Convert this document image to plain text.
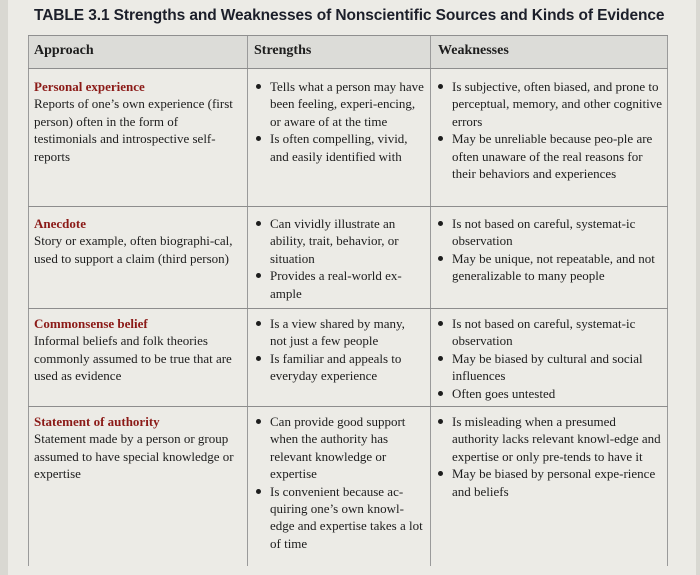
TABLE 3.1 Strengths and Weaknesses of Nonscientific Sources and Kinds of Evidence
Approach	Strengths	Weaknesses
Personal experience
Reports of one’s own experience (first person) often in the form of testimonials and introspective self-reports
Tells what a person may have been feeling, experi-encing, or aware of at the time
Is often compelling, vivid, and easily identified with
Is subjective, often biased, and prone to perceptual, memory, and other cognitive errors
May be unreliable because peo-ple are often unaware of the real reasons for their behaviors and experiences
Anecdote
Story or example, often biographi-cal, used to support a claim (third person)
Can vividly illustrate an ability, trait, behavior, or situation
Provides a real-world ex-ample
Is not based on careful, systemat-ic observation
May be unique, not repeatable, and not generalizable to many people
Commonsense belief
Informal beliefs and folk theories commonly assumed to be true that are used as evidence
Is a view shared by many, not just a few people
Is familiar and appeals to everyday experience
Is not based on careful, systemat-ic observation
May be biased by cultural and social influences
Often goes untested
Statement of authority
Statement made by a person or group assumed to have special knowledge or expertise
Can provide good support when the authority has relevant knowledge or expertise
Is convenient because ac-quiring one’s own knowl-edge and expertise takes a lot of time
Is misleading when a presumed authority lacks relevant knowl-edge and expertise or only pre-tends to have it
May be biased by personal expe-rience and beliefs
